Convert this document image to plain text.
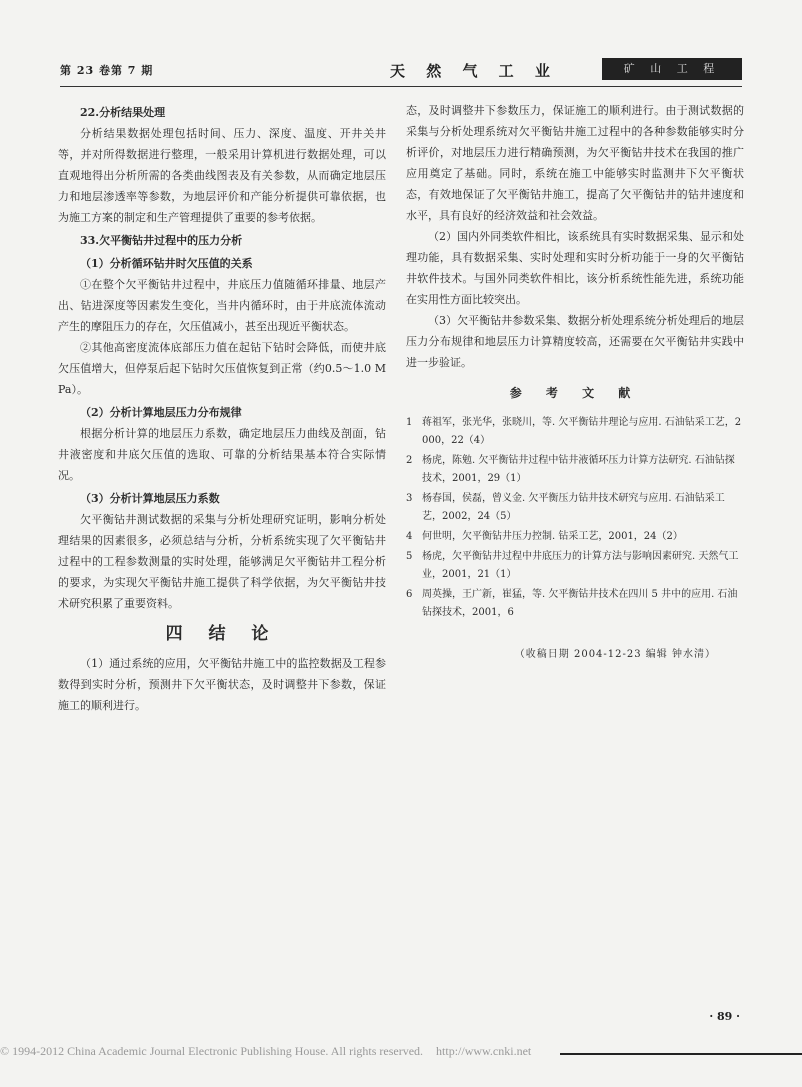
第 23 卷第 7 期	天 然 气 工 业	矿 山 工 程
22.分析结果处理

分析结果数据处理包括时间、压力、深度、温度、开井关井等，并对所得数据进行整理，一般采用计算机进行数据处理，可以直观地得出分析所需的各类曲线图表及有关参数，从而确定地层压力和地层渗透率等参数，为地层评价和产能分析提供可靠依据，也为施工方案的制定和生产管理提供了重要的参考依据。

33.欠平衡钻井过程中的压力分析
（1）分析循环钻井时欠压值的关系

①在整个欠平衡钻井过程中，井底压力值随循环排量、地层产出、钻进深度等因素发生变化，当井内循环时，由于井底流体流动产生的摩阻压力的存在，欠压值减小，甚至出现近平衡状态。

②其他高密度流体底部压力值在起钻下钻时会降低，而使井底欠压值增大，但停泵后起下钻时欠压值恢复到正常（约0.5～1.0 MPa）。

（2）分析计算地层压力分布规律

根据分析计算的地层压力系数，确定地层压力曲线及剖面，钻井液密度和井底欠压值的选取、可靠的分析结果基本符合实际情况。

（3）分析计算地层压力系数

欠平衡钻井测试数据的采集与分析处理研究证明，影响分析处理结果的因素很多，必须总结与分析，分析系统实现了欠平衡钻井过程中的工程参数测量的实时处理，能够满足欠平衡钻井工程分析的要求，为实现欠平衡钻井施工提供了科学依据，为欠平衡钻井技术研究积累了重要资料。

四 结 论

（1）通过系统的应用，欠平衡钻井施工中的监控数据及工程参数得到实时分析，预测井下欠平衡状态，及时调整井下参数，保证施工的顺利进行。

态，及时调整井下参数压力，保证施工的顺利进行。由于测试数据的采集与分析处理系统对欠平衡钻井施工过程中的各种参数能够实时分析评价，对地层压力进行精确预测，为欠平衡钻井技术在我国的推广应用奠定了基础。同时，系统在施工中能够实时监测井下欠平衡状态，有效地保证了欠平衡钻井施工，提高了欠平衡钻井的钻井速度和水平，具有良好的经济效益和社会效益。

（2）国内外同类软件相比，该系统具有实时数据采集、显示和处理功能，具有数据采集、实时处理和实时分析功能于一身的欠平衡钻井软件技术。与国外同类软件相比，该分析系统性能先进，系统功能在实用性方面比较突出。

（3）欠平衡钻井参数采集、数据分析处理系统分析处理后的地层压力分布规律和地层压力计算精度较高，还需要在欠平衡钻井实践中进一步验证。

参 考 文 献
1 蒋祖军，张光华，张晓川，等. 欠平衡钻井理论与应用. 石油钻采工艺，2000，22（4）
2 杨虎，陈勉. 欠平衡钻井过程中钻井液循环压力计算方法研究. 石油钻探技术，2001，29（1）
3 杨春国，侯磊，曾义金. 欠平衡压力钻井技术研究与应用. 石油钻采工艺，2002，24（5）
4 何世明，欠平衡钻井压力控制. 钻采工艺，2001，24（2）
5 杨虎，欠平衡钻井过程中井底压力的计算方法与影响因素研究. 天然气工业，2001，21（1）
6 周英操，王广新，崔猛，等. 欠平衡钻井技术在四川 5 井中的应用. 石油钻探技术，2001，6
（收稿日期 2004-12-23 编辑 钟水清）
· 89 ·
© 1994-2012 China Academic Journal Electronic Publishing House. All rights reserved. http://www.cnki.net
